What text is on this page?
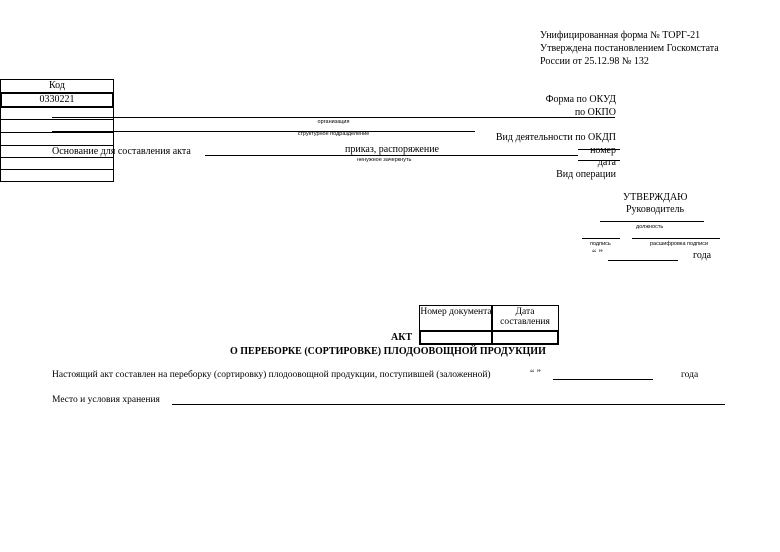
Унифицированная форма № ТОРГ-21
Утверждена постановлением Госкомстата
России от 25.12.98 № 132
Форма по ОКУД
по ОКПО
Вид деятельности по ОКДП
номер
дата
Вид операции
Код
0330221
организация
структурное подразделение
Основание для составления акта	приказ, распоряжение
ненужное зачеркнуть
УТВЕРЖДАЮ
Руководитель
должность
подпись	расшифровка подписи
“ ”	года
Номер документа	Дата составления
АКТ
О ПЕРЕБОРКЕ (СОРТИРОВКЕ) ПЛОДООВОЩНОЙ ПРОДУКЦИИ
Настоящий акт составлен на переборку (сортировку) плодоовощной продукции, поступившей (заложенной)	“ ”	года
Место и условия хранения
